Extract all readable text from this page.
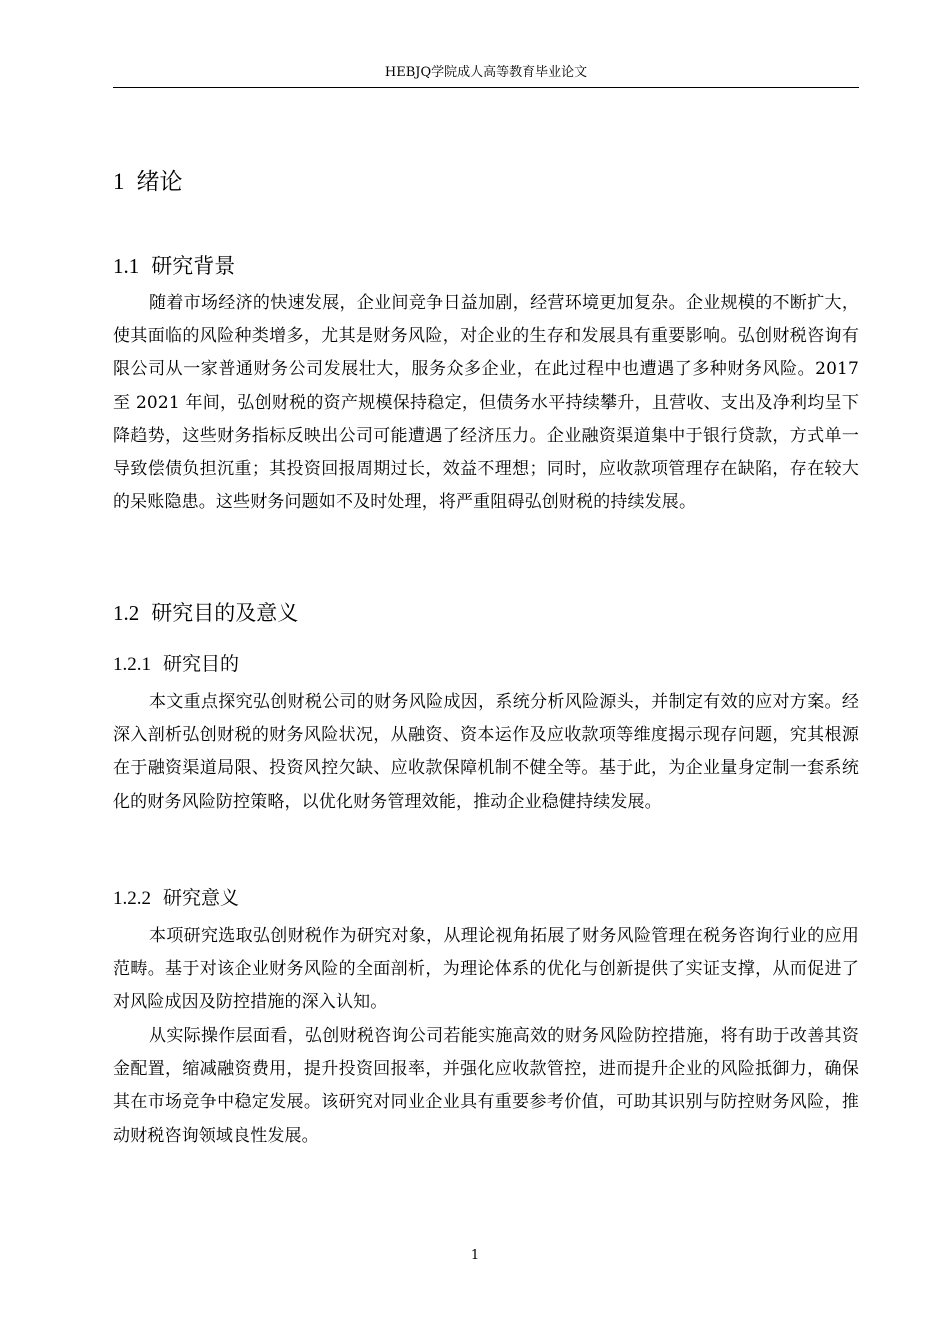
HEBJQ学院成人高等教育毕业论文
1 绪论
1.1 研究背景

随着市场经济的快速发展，企业间竞争日益加剧，经营环境更加复杂。企业规模的不断扩大，使其面临的风险种类增多，尤其是财务风险，对企业的生存和发展具有重要影响。弘创财税咨询有限公司从一家普通财务公司发展壮大，服务众多企业，在此过程中也遭遇了多种财务风险。2017 至 2021 年间，弘创财税的资产规模保持稳定，但债务水平持续攀升，且营收、支出及净利均呈下降趋势，这些财务指标反映出公司可能遭遇了经济压力。企业融资渠道集中于银行贷款，方式单一导致偿债负担沉重；其投资回报周期过长，效益不理想；同时，应收款项管理存在缺陷，存在较大的呆账隐患。这些财务问题如不及时处理，将严重阻碍弘创财税的持续发展。

1.2 研究目的及意义
1.2.1 研究目的

本文重点探究弘创财税公司的财务风险成因，系统分析风险源头，并制定有效的应对方案。经深入剖析弘创财税的财务风险状况，从融资、资本运作及应收款项等维度揭示现存问题，究其根源在于融资渠道局限、投资风控欠缺、应收款保障机制不健全等。基于此，为企业量身定制一套系统化的财务风险防控策略，以优化财务管理效能，推动企业稳健持续发展。

1.2.2 研究意义

本项研究选取弘创财税作为研究对象，从理论视角拓展了财务风险管理在税务咨询行业的应用范畴。基于对该企业财务风险的全面剖析，为理论体系的优化与创新提供了实证支撑，从而促进了对风险成因及防控措施的深入认知。

从实际操作层面看，弘创财税咨询公司若能实施高效的财务风险防控措施，将有助于改善其资金配置，缩减融资费用，提升投资回报率，并强化应收款管控，进而提升企业的风险抵御力，确保其在市场竞争中稳定发展。该研究对同业企业具有重要参考价值，可助其识别与防控财务风险，推动财税咨询领域良性发展。

1
